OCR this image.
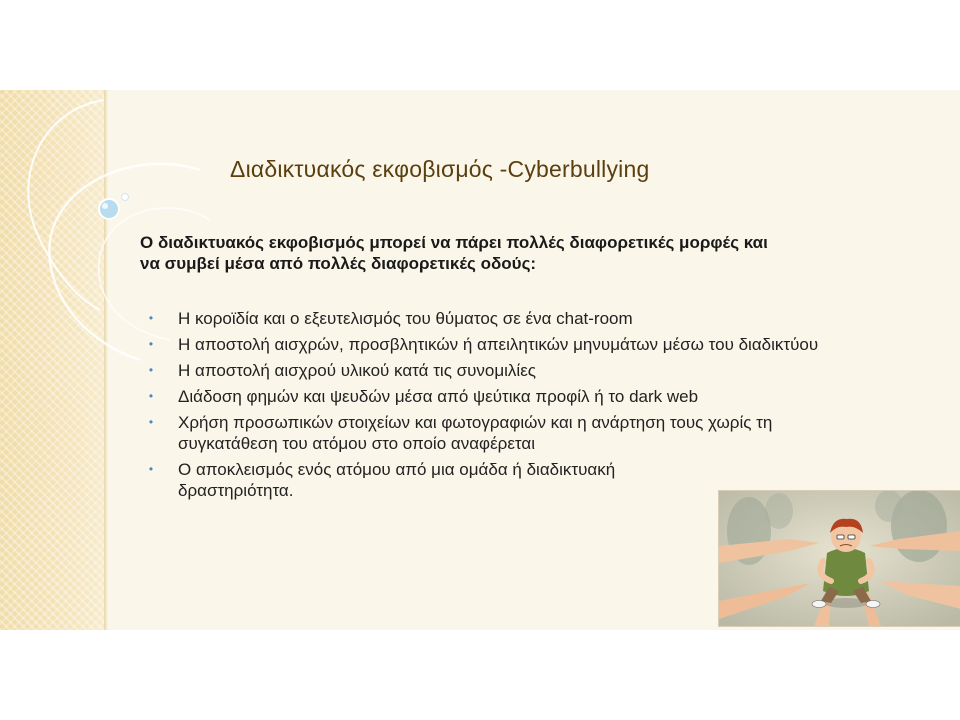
Διαδικτυακός εκφοβισμός -Cyberbullying
Ο διαδικτυακός εκφοβισμός μπορεί να πάρει πολλές διαφορετικές μορφές και να συμβεί μέσα από πολλές διαφορετικές οδούς:
• Η κοροϊδία και ο εξευτελισμός του θύματος σε ένα chat-room
• Η αποστολή αισχρών, προσβλητικών ή απειλητικών μηνυμάτων μέσω του διαδικτύου
• Η αποστολή αισχρού υλικού κατά τις συνομιλίες
• Διάδοση φημών και ψευδών μέσα από ψεύτικα προφίλ ή το dark web
• Χρήση προσωπικών στοιχείων και φωτογραφιών και η ανάρτηση τους χωρίς τη συγκατάθεση του ατόμου στο οποίο αναφέρεται
• Ο αποκλεισμός ενός ατόμου από μια ομάδα ή διαδικτυακή δραστηριότητα.
